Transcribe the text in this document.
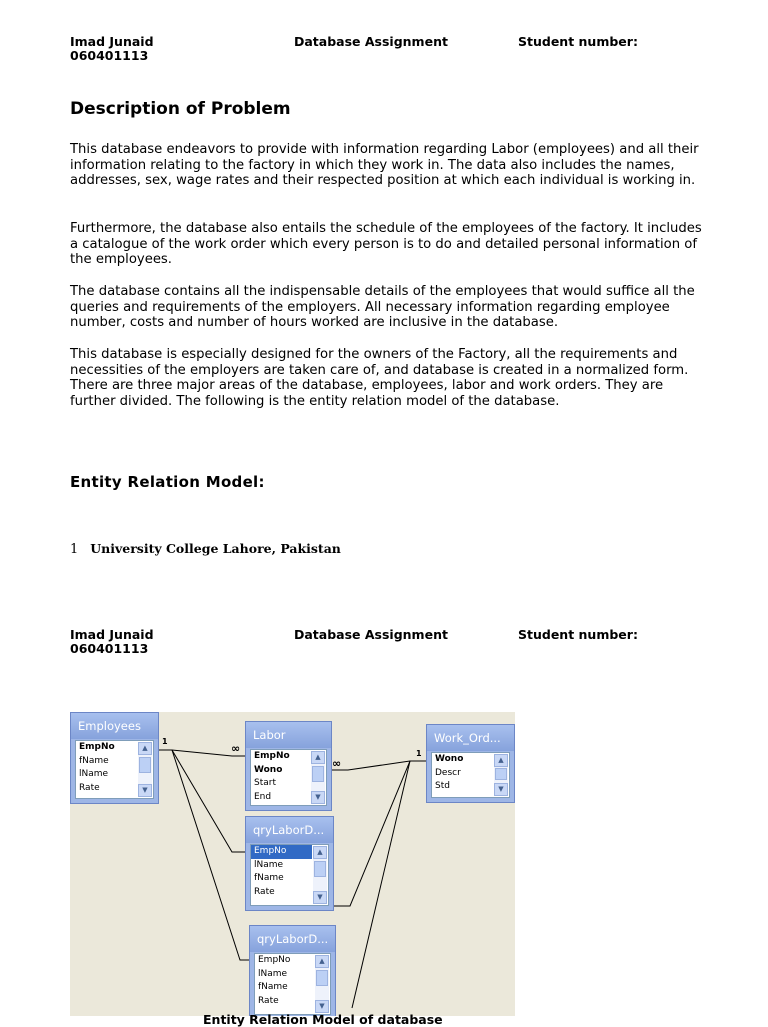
Imad Junaid
060401113
Database Assignment	Student number:
Description of Problem

This database endeavors to provide with information regarding Labor (employees) and all their information relating to the factory in which they work in. The data also includes the names, addresses, sex, wage rates and their respected position at which each individual is working in.

Furthermore, the database also entails the schedule of the employees of the factory. It includes a catalogue of the work order which every person is to do and detailed personal information of the employees.

The database contains all the indispensable details of the employees that would suffice all the queries and requirements of the employers. All necessary information regarding employee number, costs and number of hours worked are inclusive in the database.

This database is especially designed for the owners of the Factory, all the requirements and necessities of the employers are taken care of, and database is created in a normalized form. There are three major areas of the database, employees, labor and work orders. They are further divided. The following is the entity relation model of the database.

Entity Relation Model:
1 University College Lahore, Pakistan
Imad Junaid
060401113
Database Assignment	Student number:
1
∞
∞
1
Employees
EmpNo
fName
lName
Rate
▲
▼
Labor
EmpNo
Wono
Start
End
▲
▼
Work_Ord...
Wono
Descr
Std
▲
▼
qryLaborD...
EmpNo
lName
fName
Rate
▲
▼
qryLaborD...
EmpNo
lName
fName
Rate
▲
▼
Entity Relation Model of database
